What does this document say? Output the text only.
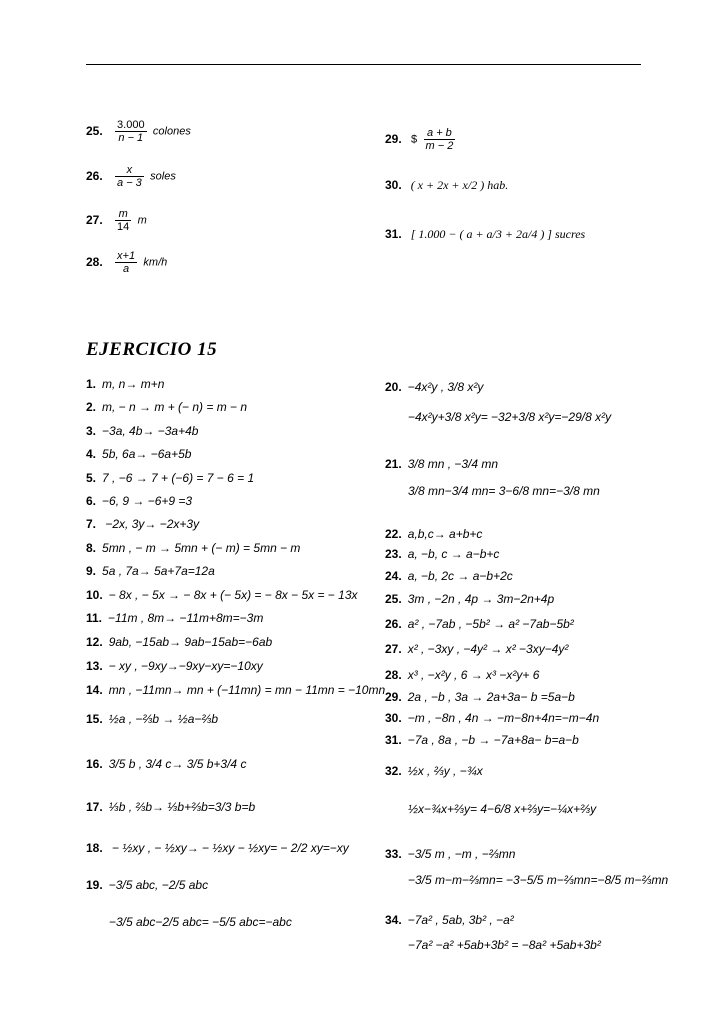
25. $\frac{3.000}{n - 1}$ colones
26. $\frac{x}{a - 3}$ soles
27. $\frac{m}{14}$ m
28. $\frac{x+1}{a} km/h$
29. $ $\frac{a + b}{m - 2}$
30. ( x + 2x + x/2 ) hab.
31. [ 1.000 − ( a + a/3 + 2a/4 ) ] sucres
EJERCICIO 15
1. m, n→ m+n
2. m, − n → m + (− n) = m − n
3. −3a, 4b→ −3a+4b
4. 5b, 6a→ −6a+5b
5. 7 , −6 → 7 + (−6) = 7 − 6 = 1
6. −6, 9 → −6+9 =3
7. −2x, 3y→ −2x+3y
8. 5mn , − m → 5mn + (− m) = 5mn − m
9. 5a , 7a→ 5a+7a=12a
10. − 8x , − 5x → − 8x + (− 5x) = − 8x − 5x = − 13x
11. −11m , 8m→ −11m+8m=−3m
12. 9ab, −15ab→ 9ab−15ab=−6ab
13. − xy , −9xy→−9xy−xy=−10xy
14. mn , −11mn→ mn + (−11mn) = mn − 11mn = −10mn
15. ½a , −⅔b → ½a−⅔b
16. 3/5 b , 3/4 c→ 3/5 b+3/4 c
17. ⅓b , ⅔b→ ⅓b+⅔b=3/3 b=b
18. − ½xy , − ½xy→ − ½xy − ½xy= − 2/2 xy=−xy
19. −3/5 abc, −2/5 abc
−3/5 abc−2/5 abc= −5/5 abc=−abc
20. −4x²y , 3/8 x²y
−4x²y+3/8 x²y= −32+3/8 x²y=−29/8 x²y
21. 3/8 mn , −3/4 mn
3/8 mn−3/4 mn= 3−6/8 mn=−3/8 mn
22. a,b,c→ a+b+c
23. a, −b, c → a−b+c
24. a, −b, 2c → a−b+2c
25. 3m , −2n , 4p → 3m−2n+4p
26. a² , −7ab , −5b² → a² −7ab−5b²
27. x² , −3xy , −4y² → x² −3xy−4y²
28. x³ , −x²y , 6 → x³ −x²y+ 6
29. 2a , −b , 3a → 2a+3a− b =5a−b
30. −m , −8n , 4n → −m−8n+4n=−m−4n
31. −7a , 8a , −b → −7a+8a− b=a−b
32. ½x , ⅔y , −¾x
½x−¾x+⅔y= 4−6/8 x+⅔y=−¼x+⅔y
33. −3/5 m , −m , −⅔mn
−3/5 m−m−⅔mn= −3−5/5 m−⅔mn=−8/5 m−⅔mn
34. −7a² , 5ab, 3b² , −a²
−7a² −a² +5ab+3b² = −8a² +5ab+3b²
